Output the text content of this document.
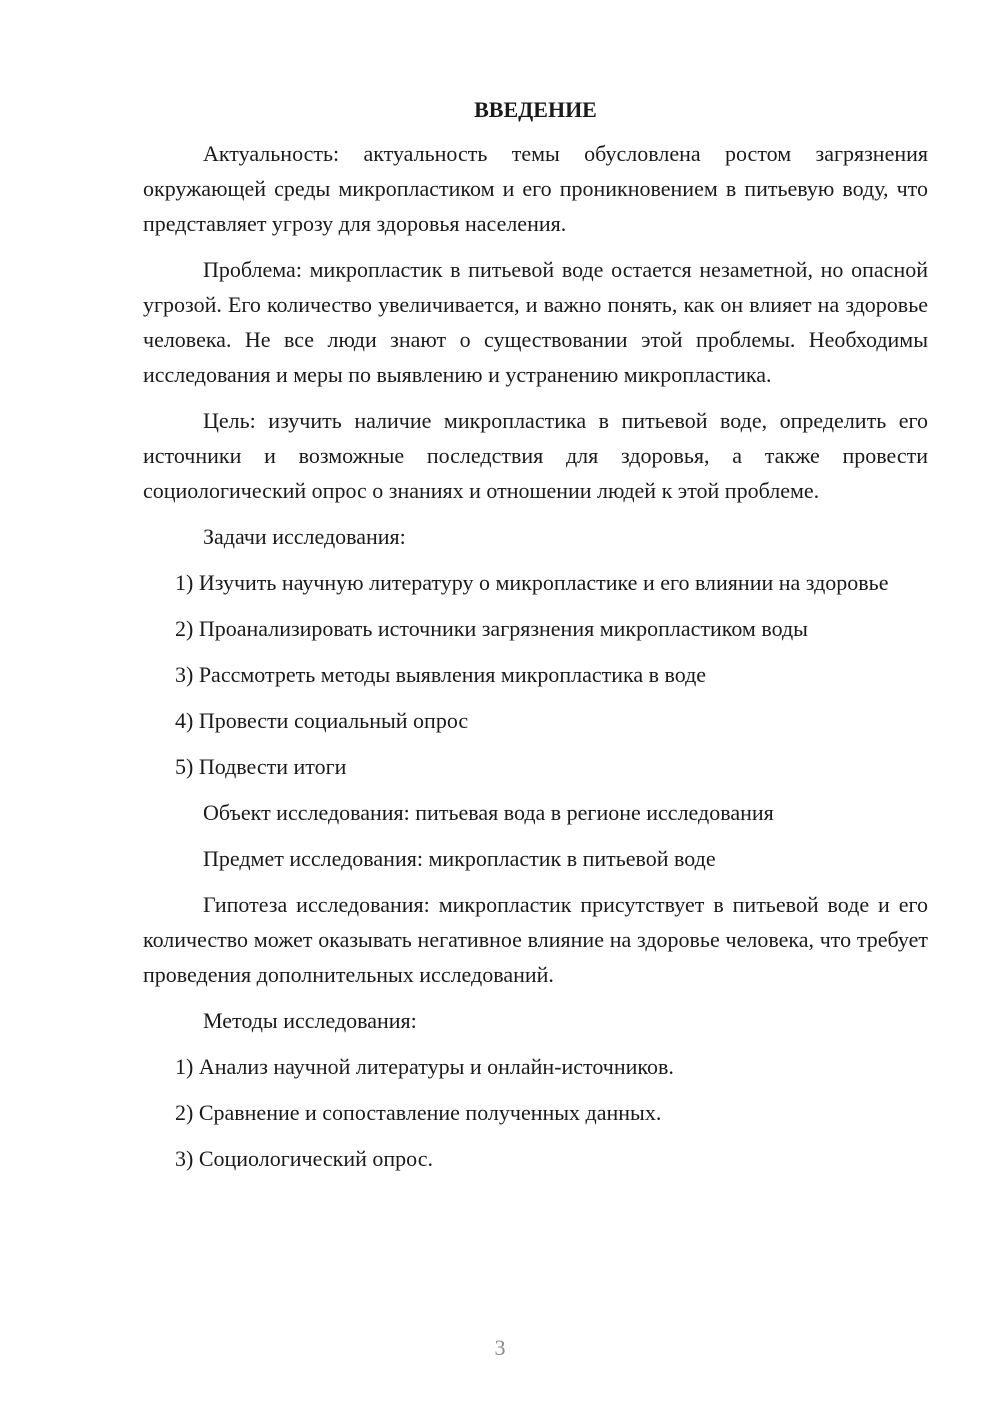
ВВЕДЕНИЕ

Актуальность: актуальность темы обусловлена ростом загрязнения окружающей среды микропластиком и его проникновением в питьевую воду, что представляет угрозу для здоровья населения.

Проблема: микропластик в питьевой воде остается незаметной, но опасной угрозой. Его количество увеличивается, и важно понять, как он влияет на здоровье человека. Не все люди знают о существовании этой проблемы. Необходимы исследования и меры по выявлению и устранению микропластика.

Цель: изучить наличие микропластика в питьевой воде, определить его источники и возможные последствия для здоровья, а также провести социологический опрос о знаниях и отношении людей к этой проблеме.

Задачи исследования:

1) Изучить научную литературу о микропластике и его влиянии на здоровье

2) Проанализировать источники загрязнения микропластиком воды

3) Рассмотреть методы выявления микропластика в воде

4) Провести социальный опрос

5) Подвести итоги

Объект исследования: питьевая вода в регионе исследования

Предмет исследования: микропластик в питьевой воде

Гипотеза исследования: микропластик присутствует в питьевой воде и его количество может оказывать негативное влияние на здоровье человека, что требует проведения дополнительных исследований.

Методы исследования:

1) Анализ научной литературы и онлайн-источников.

2) Сравнение и сопоставление полученных данных.

3) Социологический опрос.

3
